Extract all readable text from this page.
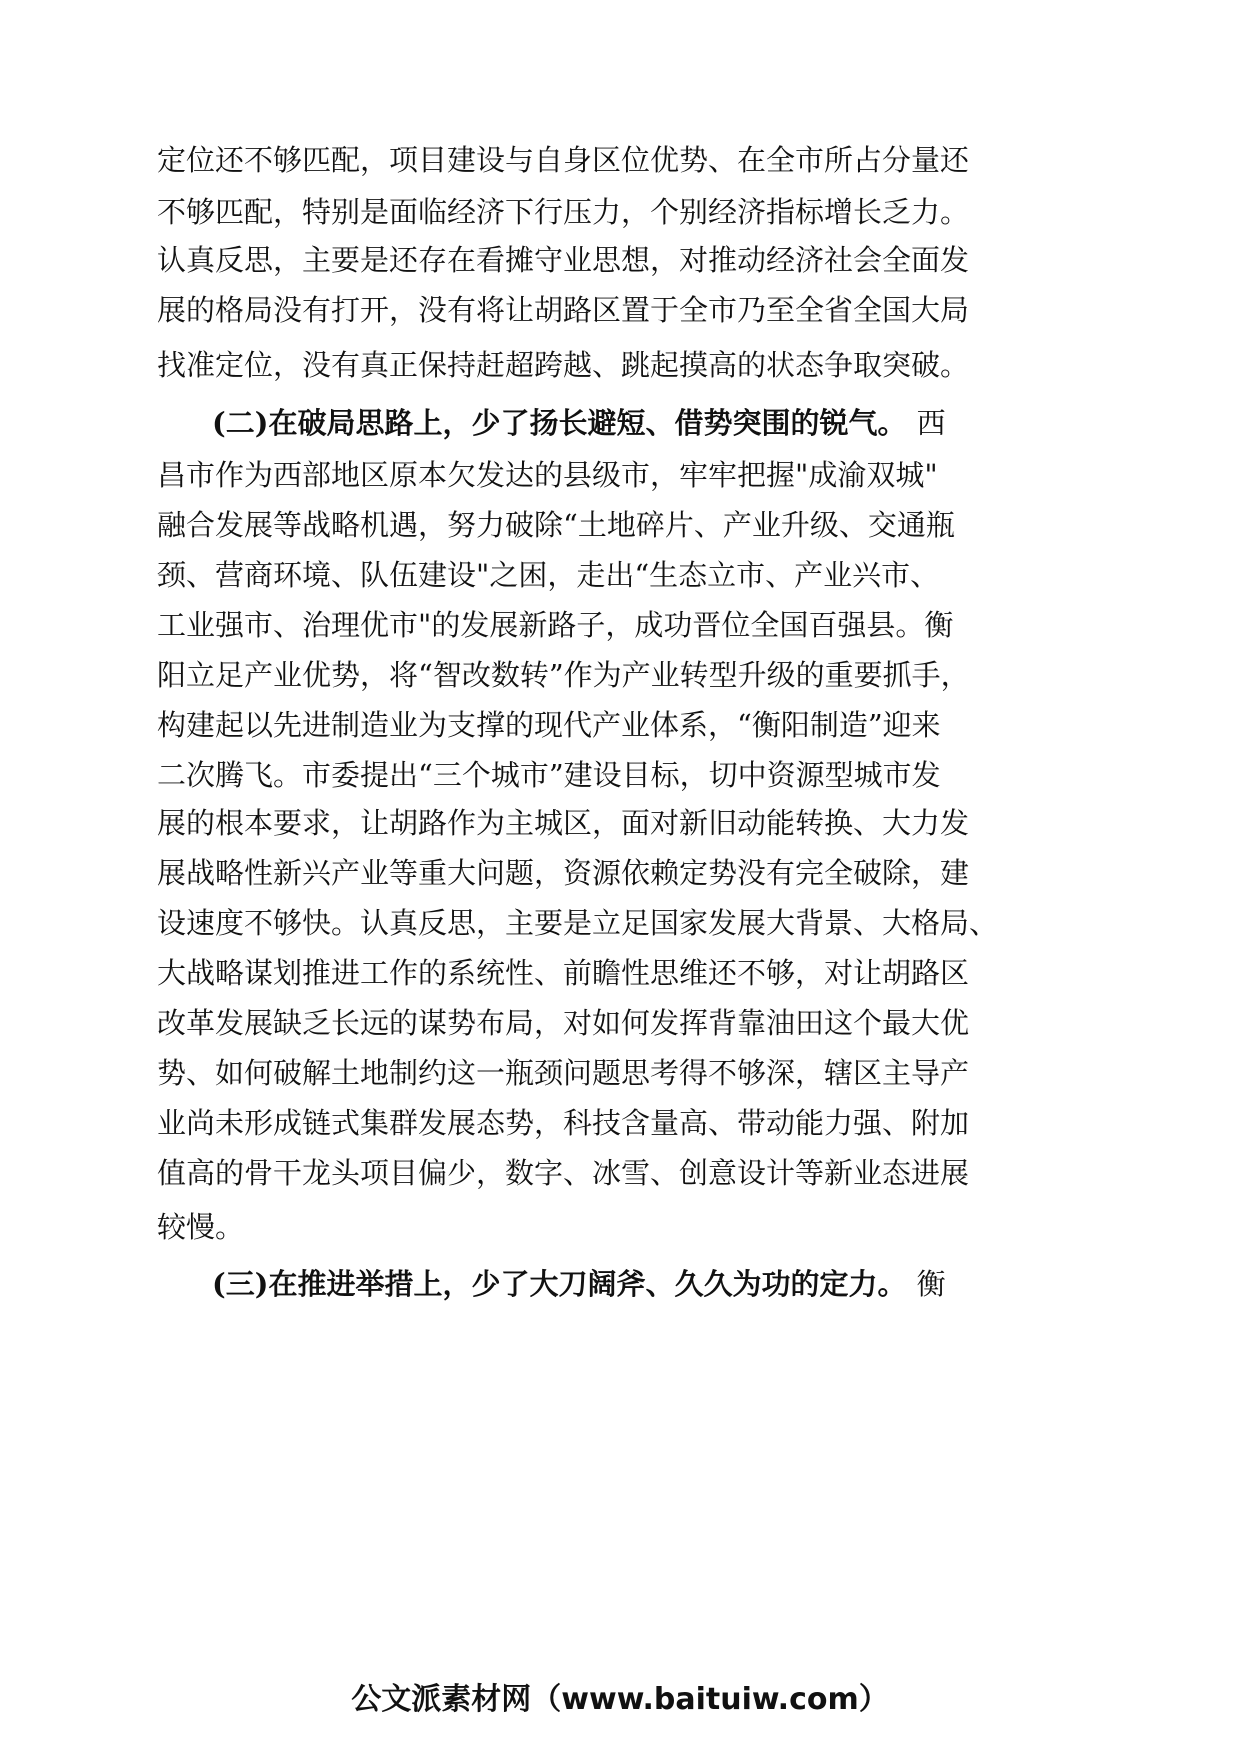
定位还不够匹配，项目建设与自身区位优势、在全市所占分量还
不够匹配，特别是面临经济下行压力，个别经济指标增长乏力。
认真反思，主要是还存在看摊守业思想，对推动经济社会全面发
展的格局没有打开，没有将让胡路区置于全市乃至全省全国大局
找准定位，没有真正保持赶超跨越、跳起摸高的状态争取突破。
(二)在破局思路上，少了扬长避短、借势突围的锐气。 西
昌市作为西部地区原本欠发达的县级市，牢牢把握"成渝双城"
融合发展等战略机遇，努力破除“土地碎片、产业升级、交通瓶
颈、营商环境、队伍建设"之困，走出“生态立市、产业兴市、
工业强市、治理优市"的发展新路子，成功晋位全国百强县。衡
阳立足产业优势，将“智改数转”作为产业转型升级的重要抓手，
构建起以先进制造业为支撑的现代产业体系，“衡阳制造”迎来
二次腾飞。市委提出“三个城市”建设目标，切中资源型城市发
展的根本要求，让胡路作为主城区，面对新旧动能转换、大力发
展战略性新兴产业等重大问题，资源依赖定势没有完全破除，建
设速度不够快。认真反思，主要是立足国家发展大背景、大格局、
大战略谋划推进工作的系统性、前瞻性思维还不够，对让胡路区
改革发展缺乏长远的谋势布局，对如何发挥背靠油田这个最大优
势、如何破解土地制约这一瓶颈问题思考得不够深，辖区主导产
业尚未形成链式集群发展态势，科技含量高、带动能力强、附加
值高的骨干龙头项目偏少，数字、冰雪、创意设计等新业态进展
较慢。
(三)在推进举措上，少了大刀阔斧、久久为功的定力。 衡
公文派素材网（www.baituiw.com）
